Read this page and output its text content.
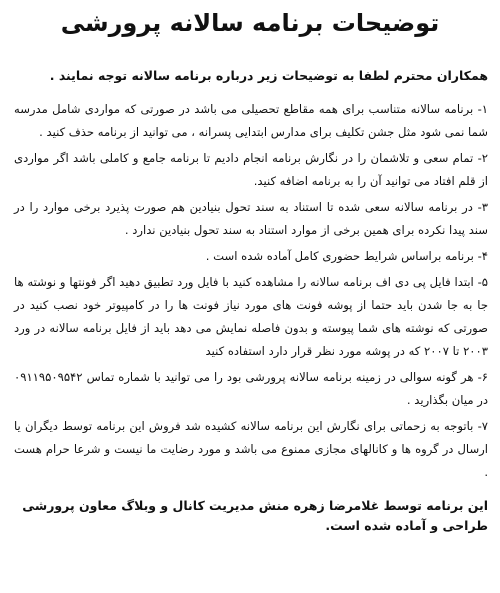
توضیحات برنامه سالانه پرورشی
همکاران محترم لطفا به توضیحات زیر درباره برنامه سالانه توجه نمایند .

۱- برنامه سالانه متناسب برای همه مقاطع تحصیلی می باشد در صورتی که مواردی شامل مدرسه شما نمی شود مثل جشن تکلیف برای مدارس ابتدایی پسرانه ، می توانید از برنامه حذف کنید .

۲- تمام سعی و تلاشمان را در نگارش برنامه انجام دادیم تا برنامه جامع و کاملی باشد اگر مواردی از قلم افتاد می توانید آن را به برنامه اضافه کنید.

۳- در برنامه سالانه سعی شده تا استناد به سند تحول بنیادین هم صورت پذیرد برخی موارد را در سند پیدا نکرده برای همین برخی از موارد استناد به سند تحول بنیادین ندارد .

۴- برنامه براساس شرایط حضوری کامل آماده شده است .

۵- ابتدا فایل پی دی اف برنامه سالانه را مشاهده کنید با فایل ورد تطبیق دهید اگر فونتها و نوشته ها جا به جا شدن باید حتما از پوشه فونت های مورد نیاز فونت ها را در کامپیوتر خود نصب کنید در صورتی که نوشته های شما پیوسته و بدون فاصله نمایش می دهد باید از فایل برنامه سالانه در ورد ۲۰۰۳ تا ۲۰۰۷ که در پوشه مورد نظر قرار دارد استفاده کنید

۶- هر گونه سوالی در زمینه برنامه سالانه پرورشی بود را می توانید با شماره تماس ۰۹۱۱۹۵۰۹۵۴۲ در میان بگذارید .

۷- باتوجه به زحماتی برای نگارش این برنامه سالانه کشیده شد فروش این برنامه توسط دیگران یا ارسال در گروه ها و کانالهای مجازی ممنوع می باشد و مورد رضایت ما نیست و شرعا حرام هست .

این برنامه توسط غلامرضا زهره منش مدیریت کانال و وبلاگ معاون پرورشی طراحی و آماده شده است.
